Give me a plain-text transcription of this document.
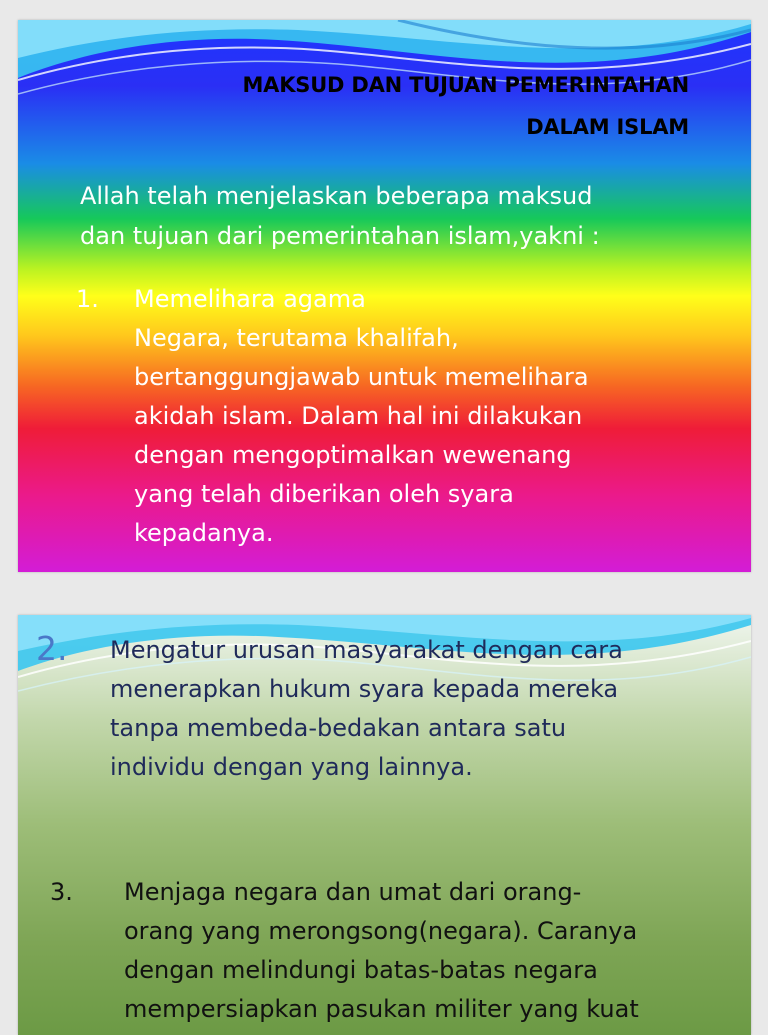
MAKSUD DAN TUJUAN PEMERINTAHAN
DALAM ISLAM
Allah telah menjelaskan beberapa maksud
dan tujuan dari pemerintahan islam,yakni :
1.	Memelihara agama
Negara, terutama khalifah,
bertanggungjawab untuk memelihara
akidah islam. Dalam hal ini dilakukan
dengan mengoptimalkan wewenang
yang telah diberikan oleh syara
kepadanya.
2.	Mengatur urusan masyarakat dengan cara
menerapkan hukum syara kepada mereka
tanpa membeda-bedakan antara satu
individu dengan yang lainnya.
3.	Menjaga negara dan umat dari orang-
orang yang merongsong(negara). Caranya
dengan melindungi batas-batas negara
mempersiapkan pasukan militer yang kuat
